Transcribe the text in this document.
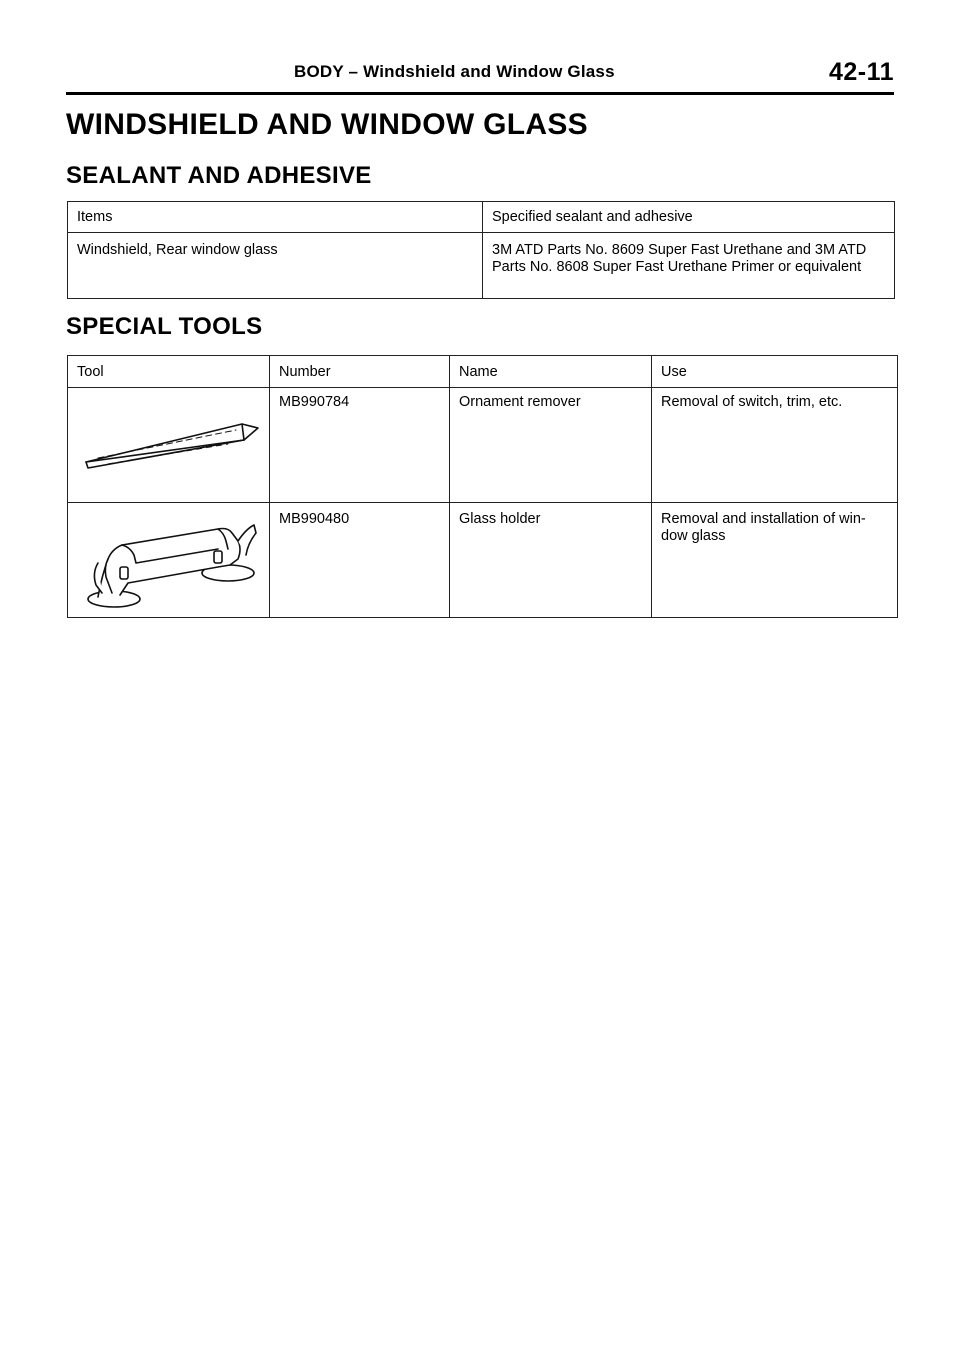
BODY – Windshield and Window Glass	42-11
WINDSHIELD AND WINDOW GLASS
SEALANT AND ADHESIVE
Items	Specified sealant and adhesive
Windshield, Rear window glass	3M ATD Parts No. 8609 Super Fast Urethane and 3M ATD Parts No. 8608 Super Fast Urethane Primer or equivalent
SPECIAL TOOLS
Tool	Number	Name	Use

	MB990784	Ornament remover	Removal of switch, trim, etc.

	MB990480	Glass holder	Removal and installation of win-dow glass
